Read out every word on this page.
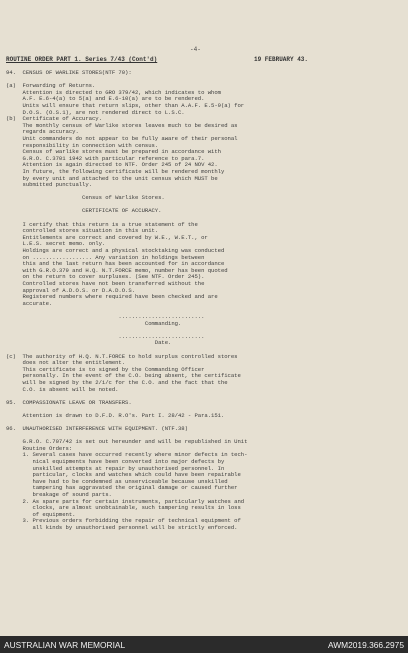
-4-
ROUTINE ORDER PART 1. Series 7/43 (Cont'd)	19 FEBRUARY 43.

94.  CENSUS OF WARLIKE STORES(NTF 70):

(a)  Forwarding of Returns.

Attention is directed to GRO 379/42, which indicates to whom

A.F. E.6-4(a) to 5(a) and E.6-10(a) are to be rendered.

Units will ensure that return slips, other than A.A.F. E.5-9(a) for

D.O.S. (O.S.1), are not rendered direct to L.S.C.

(b)  Certificate of Accuracy.

The monthly census of Warlike stores leaves much to be desired as

regards accuracy.

Unit commanders do not appear to be fully aware of their personal

responsibility in connection with census.

Census of warlike stores must be prepared in accordance with

G.R.O. C.3701 1942 with particular reference to para.7.

Attention is again directed to NTF. Order 245 of 24 NOV 42.

In future, the following certificate will be rendered monthly

by every unit and attached to the unit census which MUST be

submitted punctually.

Census of Warlike Stores.

CERTIFICATE OF ACCURACY.

I certify that this return is a true statement of the

controlled stores situation in this unit.

Entitlements are correct and covered by W.E., W.E.T., or

L.E.S. secret memo. only.

Holdings are correct and a physical stocktaking was conducted

on .................. Any variation in holdings between

this and the last return has been accounted for in accordance

with G.R.O.379 and H.Q. N.T.FORCE memo, number has been quoted

on the return to cover surpluses. (See NTF. Order 245).

Controlled stores have not been transferred without the

approval of A.D.O.S. or D.A.D.O.S.

Registered numbers where required have been checked and are

accurate.

..........................

Commanding.

..........................

Date.

(c)  The authority of H.Q. N.T.FORCE to hold surplus controlled stores

does not alter the entitlement.

This certificate is to signed by the Commanding Officer

personally. In the event of the C.O. being absent, the certificate

will be signed by the 2/i/c for the C.O. and the fact that the

C.O. is absent will be noted.

95.  COMPASSIONATE LEAVE OR TRANSFERS.

Attention is drawn to D.F.D. R.O's. Part I. 28/42 - Para.151.

96.  UNAUTHORISED INTERFERENCE WITH EQUIPMENT. (NTF.38)

G.R.O. C.707/42 is set out hereunder and will be republished in Unit

Routine Orders:

1. Several cases have occurred recently where minor defects in tech-

nical equipments have been converted into major defects by

unskilled attempts at repair by unauthorised personnel. In

particular, clocks and watches which could have been repairable

have had to be condemned as unserviceable because unskilled

tampering has aggravated the original damage or caused further

breakage of sound parts.

2. As spare parts for certain instruments, particularly watches and

clocks, are almost unobtainable, such tampering results in loss

of equipment.

3. Previous orders forbidding the repair of technical equipment of

all kinds by unauthorised personnel will be strictly enforced.

AUSTRALIAN WAR MEMORIAL	AWM2019.366.2975
